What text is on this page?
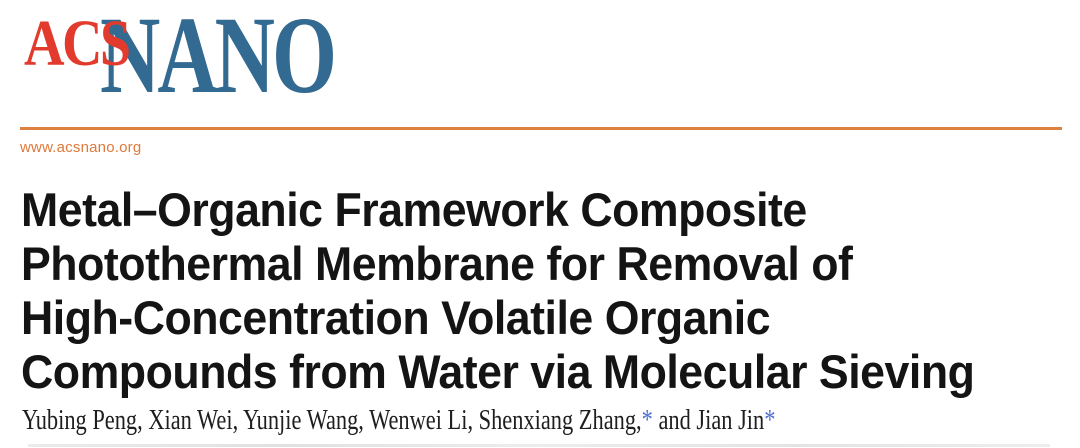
NANO
ACS
www.acsnano.org
Metal–Organic Framework Composite
Photothermal Membrane for Removal of
High-Concentration Volatile Organic
Compounds from Water via Molecular Sieving
Yubing Peng, Xian Wei, Yunjie Wang, Wenwei Li, Shenxiang Zhang,* and Jian Jin*
